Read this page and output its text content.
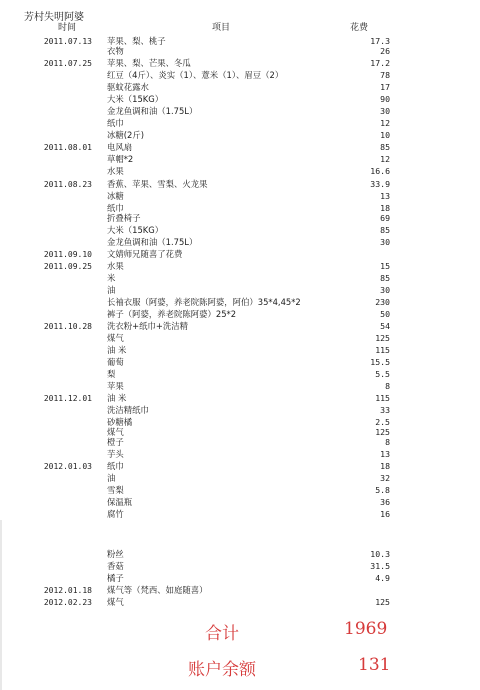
芳村失明阿婆
时间	项目	花费
2011.07.13 苹果、梨、桃子	17.3
衣物	26
2011.07.25 苹果、梨、芒果、冬瓜	17.2
红豆（4斤）、炎实（1）、薏米（1）、眉豆（2）	78
驱蚊花露水	17
大米（15KG）	90
金龙鱼调和油（1.75L）	30
纸巾	12
冰糖(2斤)	10
2011.08.01 电风扇	85
草帽*2	12
水果	16.6
2011.08.23 香蕉、苹果、雪梨、火龙果	33.9
冰糖	13
纸巾	18
折叠椅子	69
大米（15KG）	85
金龙鱼调和油（1.75L）	30
2011.09.10 文婧师兄随喜了花费
2011.09.25 水果	15
米	85
油	30
长袖衣服（阿婆，养老院陈阿婆，阿伯）35*4,45*2	230
裤子（阿婆，养老院陈阿婆）25*2	50
2011.10.28 洗衣粉+纸巾+洗洁精	54
煤气	125
油 米	115
葡萄	15.5
梨	5.5
苹果	8
2011.12.01 油 米	115
洗洁精纸巾	33
砂糖橘	2.5
煤气	125
橙子	8
芋头	13
2012.01.03 纸巾	18
油	32
雪梨	5.8
保温瓶	36
腐竹	16
粉丝	10.3
香菇	31.5
橘子	4.9
2012.01.18 煤气等（梵西、如庭随喜）
2012.02.23 煤气	125
合计	1969
账户余额	131
